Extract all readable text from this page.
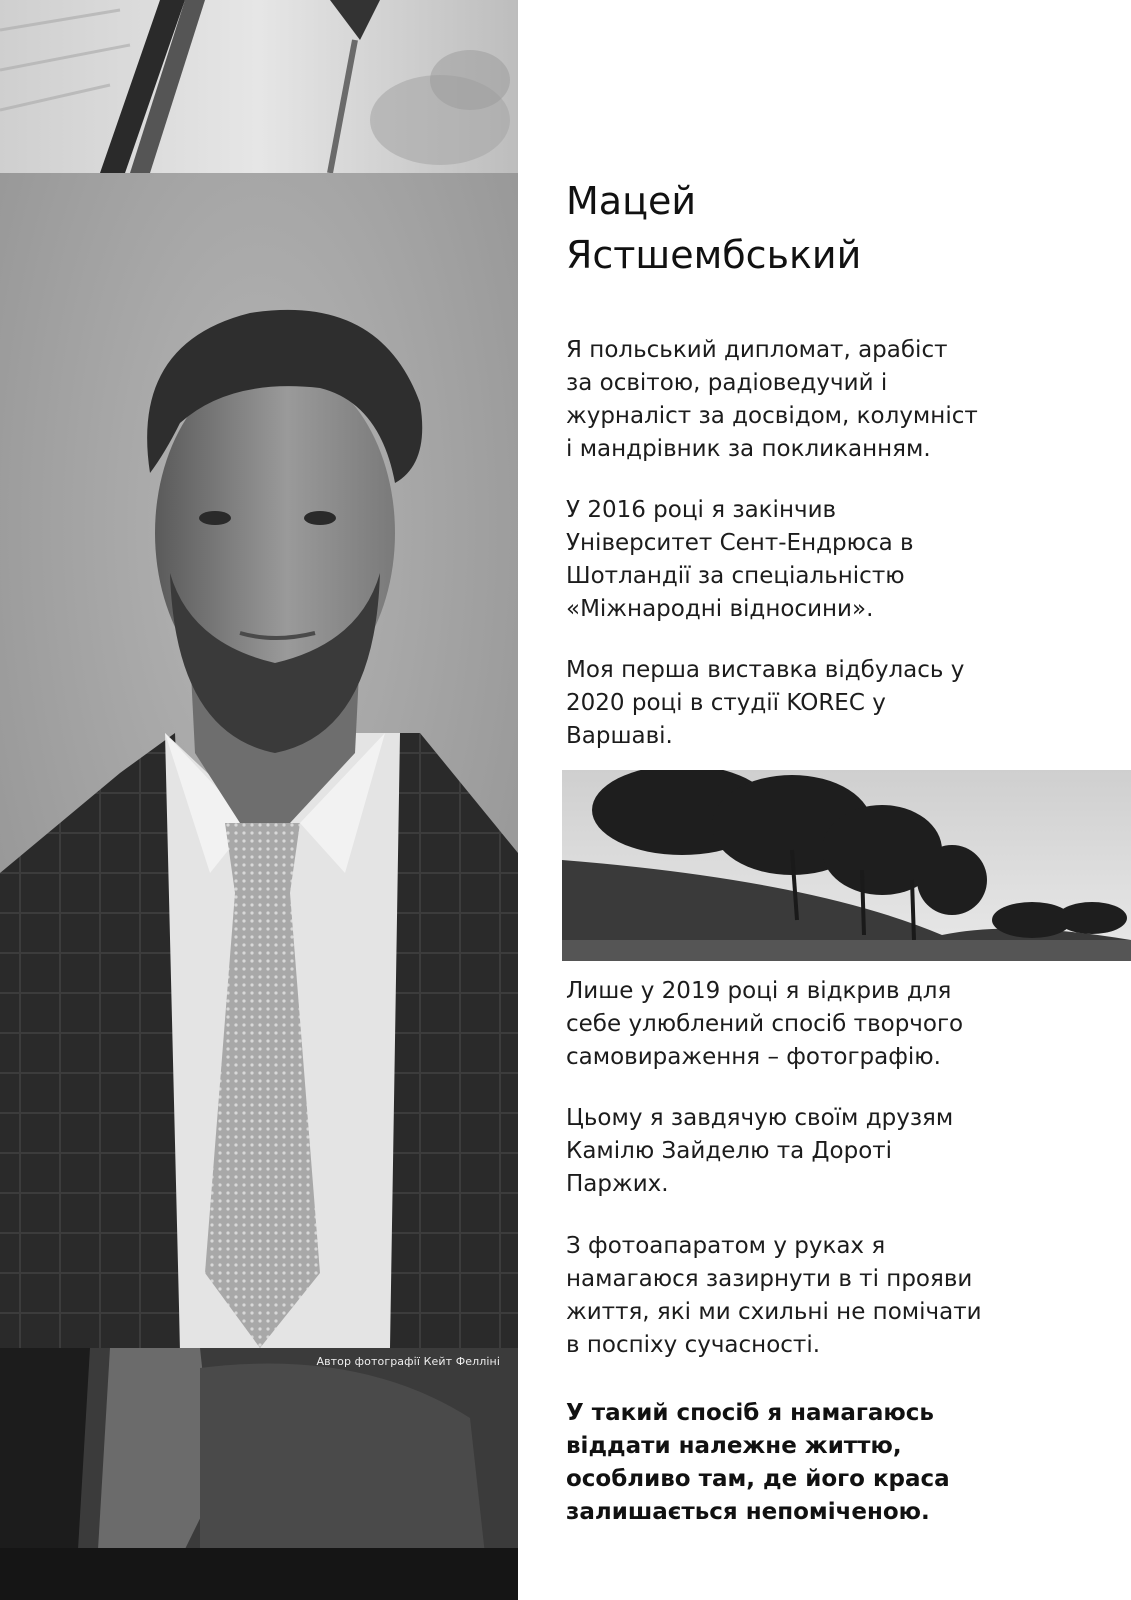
Автор фотографії Кейт Фелліні
Мацей
Ястшембський

Я польський дипломат, арабіст
за освітою, радіоведучий і
журналіст за досвідом, колумніст
і мандрівник за покликанням.

У 2016 році я закінчив
Університет Сент-Ендрюса в
Шотландії за спеціальністю
«Міжнародні відносини».

Моя перша виставка відбулась у
2020 році в студії KOREC у
Варшаві.

Лише у 2019 році я відкрив для
себе улюблений спосіб творчого
самовираження – фотографію.

Цьому я завдячую своїм друзям
Камілю Зайделю та Дороті
Паржих.

З фотоапаратом у руках я
намагаюся зазирнути в ті прояви
життя, які ми схильні не помічати
в поспіху сучасності.

У такий спосіб я намагаюсь
віддати належне життю,
особливо там, де його краса
залишається непоміченою.
